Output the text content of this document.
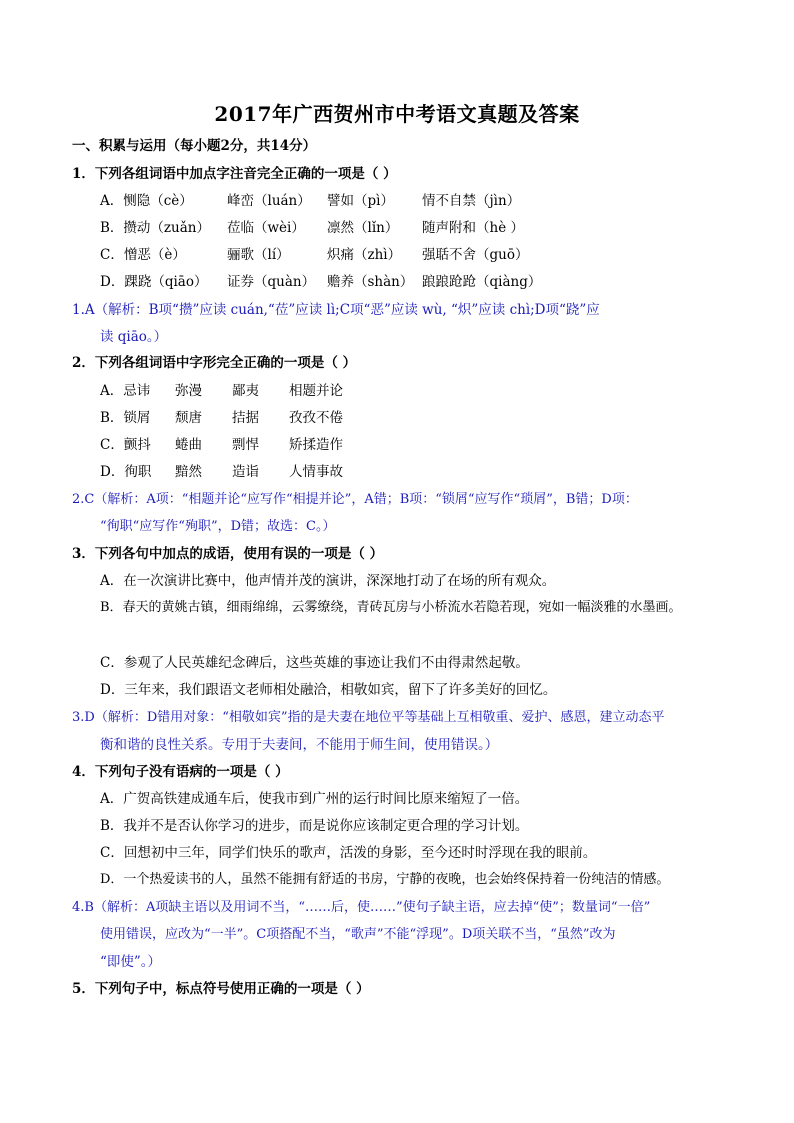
2017年广西贺州市中考语文真题及答案
一、积累与运用（每小题2分，共14分）
1．下列各组词语中加点字注音完全正确的一项是（ ）
A．恻隐（cè）	峰峦（luán） 譬如（pì） 情不自禁（jìn）
B．攒动（zuǎn） 莅临（wèi） 凛然（lǐn） 随声附和（hè ）
C．憎恶（è）	骊歌（lí）	炽痛（zhì） 强聒不舍（guō）
D．踝跷（qiāo） 证券（quàn） 赡养（shàn） 踉踉跄跄（qiàng）
1.A（解析：B项“攒”应读 cuán,“莅”应读 lì;C项“恶”应读 wù, “炽”应读 chì;D项“跷”应
读 qiāo。）
2．下列各组词语中字形完全正确的一项是（ ）
A．忌讳 弥漫 鄙夷 相题并论
B．锁屑 颓唐 拮据 孜孜不倦
C．颤抖 蜷曲 剽悍 矫揉造作
D．徇职 黯然 造诣 人情事故
2.C（解析：A项：“相题并论“应写作“相提并论”，A错；B项：“锁屑“应写作“琐屑”，B错；D项：
“徇职“应写作“殉职”，D错；故选：C。）
3．下列各句中加点的成语，使用有误的一项是（ ）
A．在一次演讲比赛中，他声情并茂的演讲，深深地打动了在场的所有观众。
B．春天的黄姚古镇，细雨绵绵，云雾缭绕，青砖瓦房与小桥流水若隐若现，宛如一幅淡雅的水墨画。
C．参观了人民英雄纪念碑后，这些英雄的事迹让我们不由得肃然起敬。
D．三年来，我们跟语文老师相处融洽，相敬如宾，留下了许多美好的回忆。
3.D（解析：D错用对象：“相敬如宾”指的是夫妻在地位平等基础上互相敬重、爱护、感恩，建立动态平
衡和谐的良性关系。专用于夫妻间，不能用于师生间，使用错误。）
4．下列句子没有语病的一项是（ ）
A．广贺高铁建成通车后，使我市到广州的运行时间比原来缩短了一倍。
B．我并不是否认你学习的进步，而是说你应该制定更合理的学习计划。
C．回想初中三年，同学们快乐的歌声，活泼的身影，至今还时时浮现在我的眼前。
D．一个热爱读书的人，虽然不能拥有舒适的书房，宁静的夜晚，也会始终保持着一份纯洁的情感。
4.B（解析：A项缺主语以及用词不当，“……后，使……”使句子缺主语，应去掉“使”；数量词“一倍”
使用错误，应改为“一半”。C项搭配不当，“歌声”不能“浮现”。D项关联不当，“虽然”改为
“即使”。）
5．下列句子中，标点符号使用正确的一项是（ ）
